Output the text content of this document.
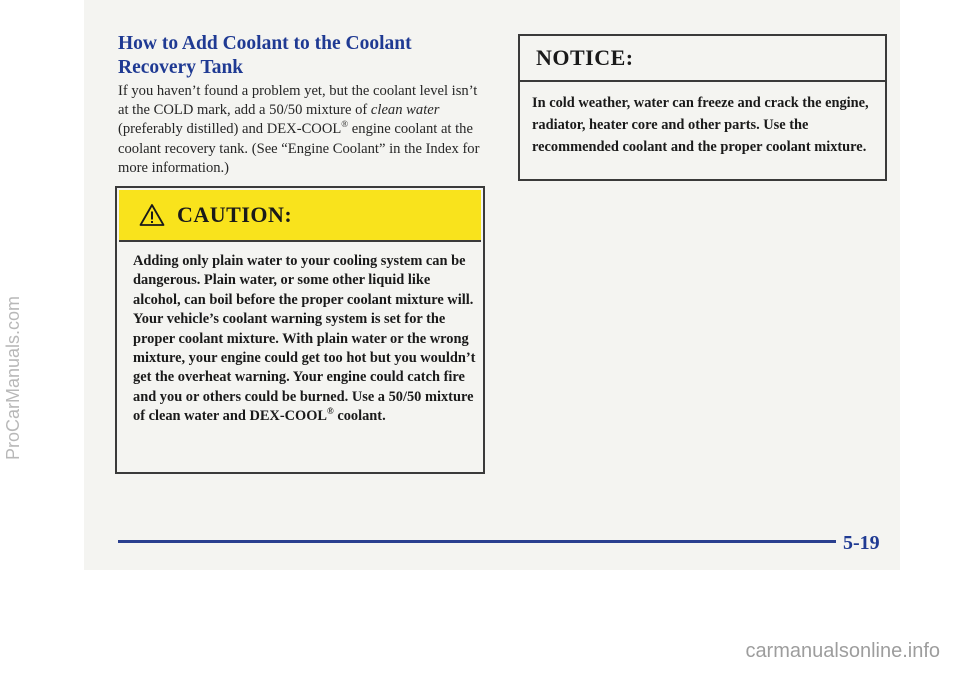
How to Add Coolant to the Coolant Recovery Tank

If you haven’t found a problem yet, but the coolant level isn’t at the COLD mark, add a 50/50 mixture of clean water (preferably distilled) and DEX-COOL® engine coolant at the coolant recovery tank. (See “Engine Coolant” in the Index for more information.)

CAUTION:

Adding only plain water to your cooling system can be dangerous. Plain water, or some other liquid like alcohol, can boil before the proper coolant mixture will. Your vehicle’s coolant warning system is set for the proper coolant mixture. With plain water or the wrong mixture, your engine could get too hot but you wouldn’t get the overheat warning. Your engine could catch fire and you or others could be burned. Use a 50/50 mixture of clean water and DEX-COOL® coolant.

NOTICE:

In cold weather, water can freeze and crack the engine, radiator, heater core and other parts. Use the recommended coolant and the proper coolant mixture.

5-19
ProCarManuals.com
carmanualsonline.info
